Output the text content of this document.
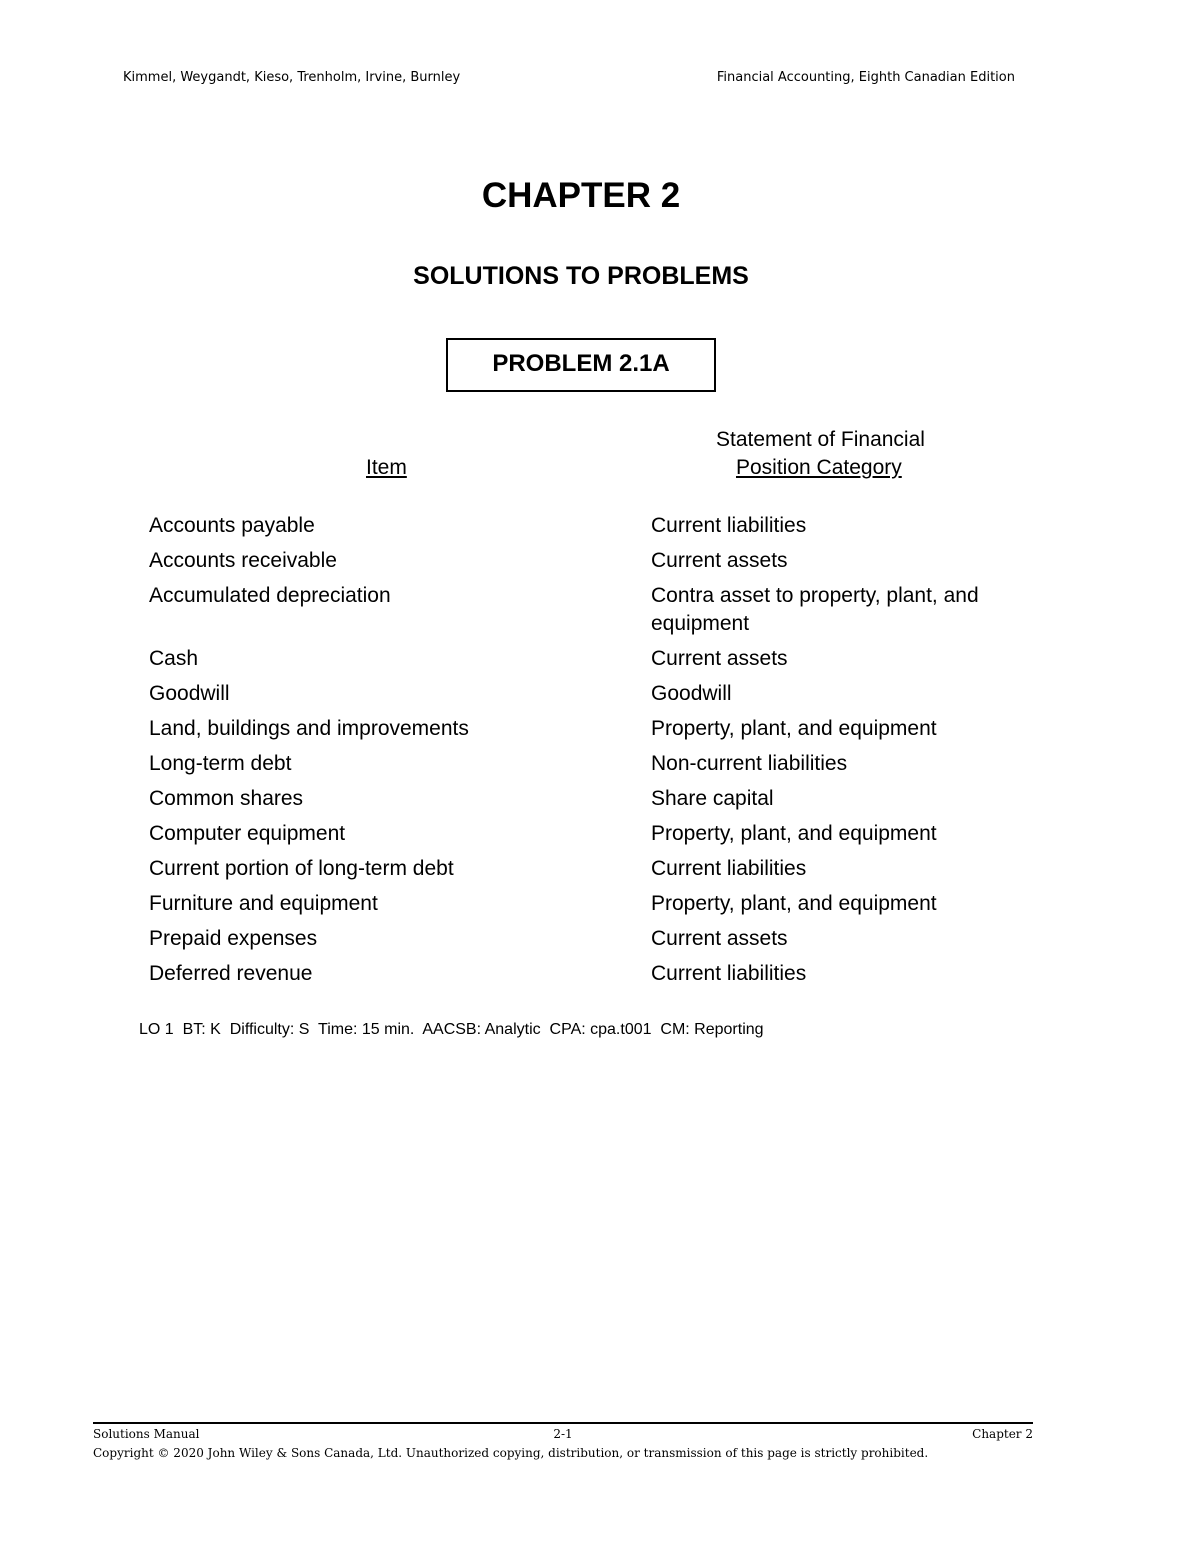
Kimmel, Weygandt, Kieso, Trenholm, Irvine, Burnley	Financial Accounting, Eighth Canadian Edition
CHAPTER 2
SOLUTIONS TO PROBLEMS
PROBLEM 2.1A
Statement of Financial
Item	Position Category
Accounts payable	Current liabilities
Accounts receivable	Current assets
Accumulated depreciation	Contra asset to property, plant, and equipment
Cash	Current assets
Goodwill	Goodwill
Land, buildings and improvements	Property, plant, and equipment
Long-term debt	Non-current liabilities
Common shares	Share capital
Computer equipment	Property, plant, and equipment
Current portion of long-term debt	Current liabilities
Furniture and equipment	Property, plant, and equipment
Prepaid expenses	Current assets
Deferred revenue	Current liabilities
LO 1  BT: K  Difficulty: S  Time: 15 min.  AACSB: Analytic  CPA: cpa.t001  CM: Reporting
Solutions Manual	2-1	Chapter 2
Copyright © 2020 John Wiley & Sons Canada, Ltd. Unauthorized copying, distribution, or transmission of this page is strictly prohibited.
